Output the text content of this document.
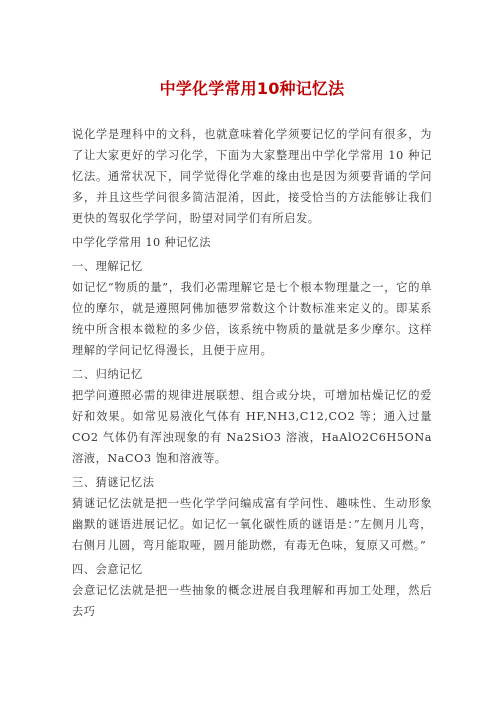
中学化学常用10种记忆法

说化学是理科中的文科，也就意味着化学须要记忆的学问有很多，为了让大家更好的学习化学，下面为大家整理出中学化学常用 10 种记忆法。通常状况下，同学觉得化学难的缘由也是因为须要背诵的学问多，并且这些学问很多简洁混淆，因此，接受恰当的方法能够让我们更快的驾驭化学学问，盼望对同学们有所启发。

中学化学常用 10 种记忆法

一、理解记忆

如记忆“物质的量”，我们必需理解它是七个根本物理量之一，它的单位的摩尔，就是遵照阿佛加德罗常数这个计数标准来定义的。即某系统中所含根本微粒的多少倍，该系统中物质的量就是多少摩尔。这样理解的学问记忆得漫长，且便于应用。

二、归纳记忆

把学问遵照必需的规律进展联想、组合或分块，可增加枯燥记忆的爱好和效果。如常见易液化气体有 HF,NH3,C12,CO2 等；通入过量 CO2 气体仍有浑浊现象的有 Na2SiO3 溶液，HaAlO2C6H5ONa 溶液，NaCO3 饱和溶液等。

三、猜谜记忆法

猜谜记忆法就是把一些化学学问编成富有学问性、趣味性、生动形象幽默的谜语进展记忆。如记忆一氧化碳性质的谜语是：”左侧月儿弯，右侧月儿圆，弯月能取哑，圆月能助燃，有毒无色味，复原又可燃。”

四、会意记忆

会意记忆法就是把一些抽象的概念进展自我理解和再加工处理，然后去巧
